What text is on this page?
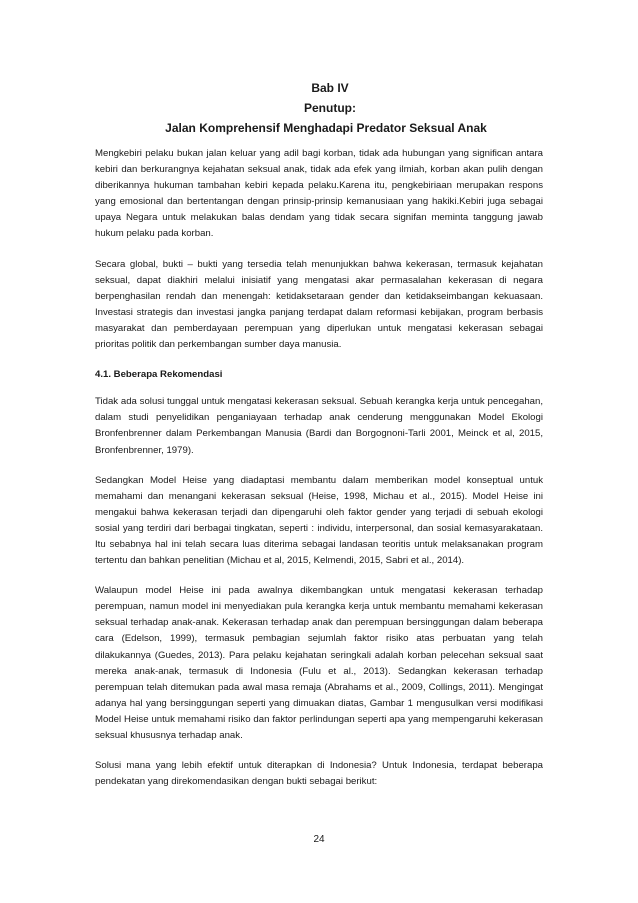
Bab IV
Penutup:
Jalan Komprehensif Menghadapi Predator Seksual Anak

Mengkebiri pelaku bukan jalan keluar yang adil bagi korban, tidak ada hubungan yang significan antara kebiri dan berkurangnya kejahatan seksual anak, tidak ada efek yang ilmiah, korban akan pulih dengan diberikannya hukuman tambahan kebiri kepada pelaku.Karena itu, pengkebiriaan merupakan respons yang emosional dan bertentangan dengan prinsip-prinsip kemanusiaan yang hakiki.Kebiri juga sebagai upaya Negara untuk melakukan balas dendam yang tidak secara signifan meminta tanggung jawab hukum pelaku pada korban.

Secara global, bukti – bukti yang tersedia telah menunjukkan bahwa kekerasan, termasuk kejahatan seksual, dapat diakhiri melalui inisiatif yang mengatasi akar permasalahan kekerasan di negara berpenghasilan rendah dan menengah: ketidaksetaraan gender dan ketidakseimbangan kekuasaan. Investasi strategis dan investasi jangka panjang terdapat dalam reformasi kebijakan, program berbasis masyarakat dan pemberdayaan perempuan yang diperlukan untuk mengatasi kekerasan sebagai prioritas politik dan perkembangan sumber daya manusia.

4.1. Beberapa Rekomendasi

Tidak ada solusi tunggal untuk mengatasi kekerasan seksual. Sebuah kerangka kerja untuk pencegahan, dalam studi penyelidikan penganiayaan terhadap anak cenderung menggunakan Model Ekologi Bronfenbrenner dalam Perkembangan Manusia (Bardi dan Borgognoni-Tarli 2001, Meinck et al, 2015, Bronfenbrenner, 1979).

Sedangkan Model Heise yang diadaptasi membantu dalam memberikan model konseptual untuk memahami dan menangani kekerasan seksual (Heise, 1998, Michau et al., 2015). Model Heise ini mengakui bahwa kekerasan terjadi dan dipengaruhi oleh faktor gender yang terjadi di sebuah ekologi sosial yang terdiri dari berbagai tingkatan, seperti : individu, interpersonal, dan sosial kemasyarakataan. Itu sebabnya hal ini telah secara luas diterima sebagai landasan teoritis untuk melaksanakan program tertentu dan bahkan penelitian (Michau et al, 2015, Kelmendi, 2015, Sabri et al., 2014).

Walaupun model Heise ini pada awalnya dikembangkan untuk mengatasi kekerasan terhadap perempuan, namun model ini menyediakan pula kerangka kerja untuk membantu memahami kekerasan seksual terhadap anak-anak. Kekerasan terhadap anak dan perempuan bersinggungan dalam beberapa cara (Edelson, 1999), termasuk pembagian sejumlah faktor risiko atas perbuatan yang telah dilakukannya (Guedes, 2013). Para pelaku kejahatan seringkali adalah korban pelecehan seksual saat mereka anak-anak, termasuk di Indonesia (Fulu et al., 2013). Sedangkan kekerasan terhadap perempuan telah ditemukan pada awal masa remaja (Abrahams et al., 2009, Collings, 2011). Mengingat adanya hal yang bersinggungan seperti yang dimuakan diatas, Gambar 1 mengusulkan versi modifikasi Model Heise untuk memahami risiko dan faktor perlindungan seperti apa yang mempengaruhi kekerasan seksual khususnya terhadap anak.

Solusi mana yang lebih efektif untuk diterapkan di Indonesia? Untuk Indonesia, terdapat beberapa pendekatan yang direkomendasikan dengan bukti sebagai berikut:

24
